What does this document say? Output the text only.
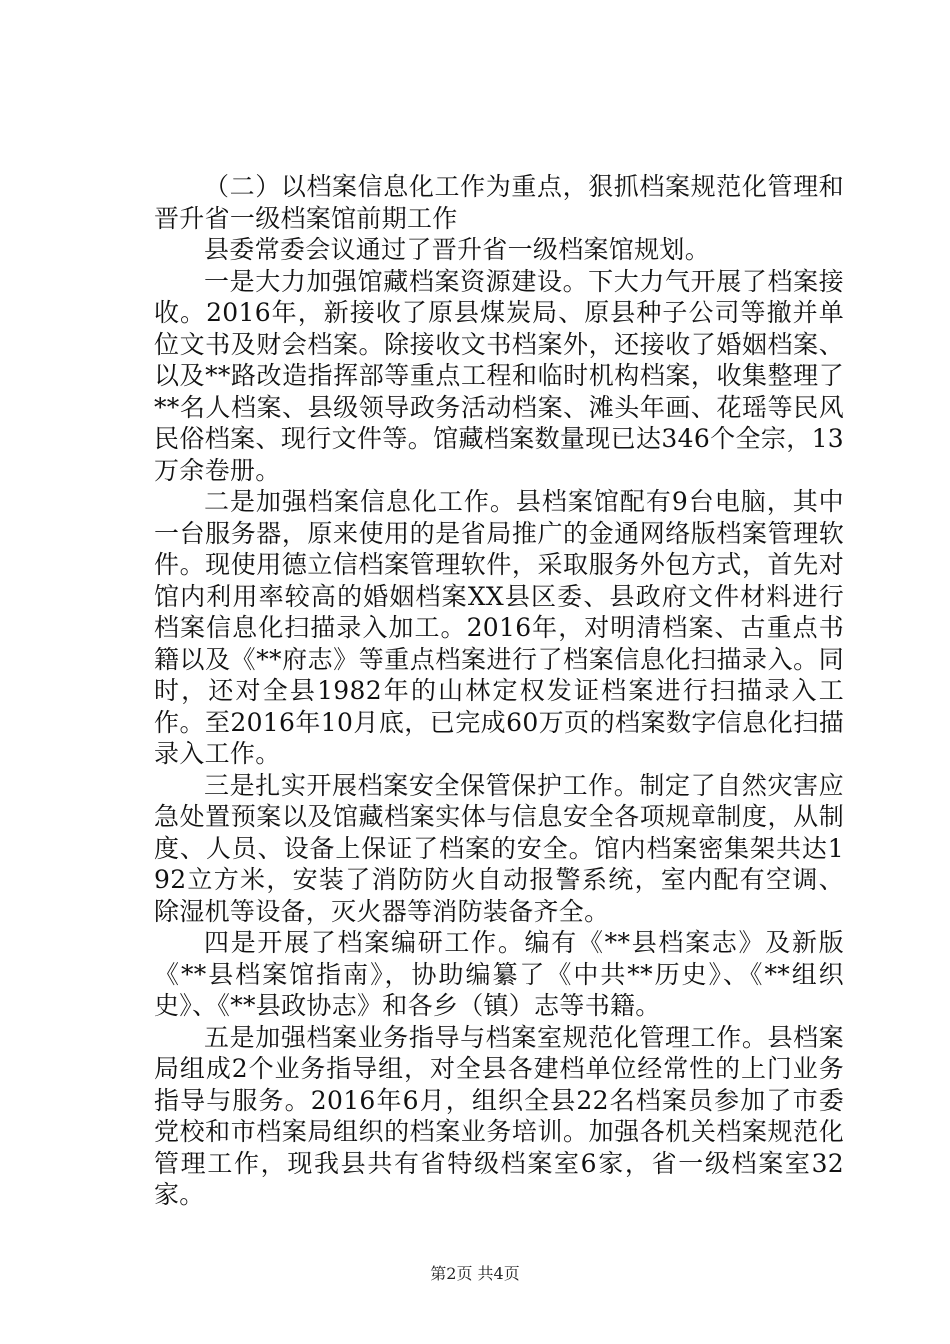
（二）以档案信息化工作为重点，狠抓档案规范化管理和晋升省一级档案馆前期工作

县委常委会议通过了晋升省一级档案馆规划。

一是大力加强馆藏档案资源建设。下大力气开展了档案接收。2016年，新接收了原县煤炭局、原县种子公司等撤并单位文书及财会档案。除接收文书档案外，还接收了婚姻档案、以及**路改造指挥部等重点工程和临时机构档案，收集整理了**名人档案、县级领导政务活动档案、滩头年画、花瑶等民风民俗档案、现行文件等。馆藏档案数量现已达346个全宗，13万余卷册。

二是加强档案信息化工作。县档案馆配有9台电脑，其中一台服务器，原来使用的是省局推广的金通网络版档案管理软件。现使用德立信档案管理软件，采取服务外包方式，首先对馆内利用率较高的婚姻档案XX县区委、县政府文件材料进行档案信息化扫描录入加工。2016年，对明清档案、古重点书籍以及《**府志》等重点档案进行了档案信息化扫描录入。同时，还对全县1982年的山林定权发证档案进行扫描录入工作。至2016年10月底，已完成60万页的档案数字信息化扫描录入工作。

三是扎实开展档案安全保管保护工作。制定了自然灾害应急处置预案以及馆藏档案实体与信息安全各项规章制度，从制度、人员、设备上保证了档案的安全。馆内档案密集架共达192立方米，安装了消防防火自动报警系统，室内配有空调、除湿机等设备，灭火器等消防装备齐全。

四是开展了档案编研工作。编有《**县档案志》及新版《**县档案馆指南》，协助编纂了《中共**历史》、《**组织史》、《**县政协志》和各乡（镇）志等书籍。

五是加强档案业务指导与档案室规范化管理工作。县档案局组成2个业务指导组，对全县各建档单位经常性的上门业务指导与服务。2016年6月，组织全县22名档案员参加了市委党校和市档案局组织的档案业务培训。加强各机关档案规范化管理工作，现我县共有省特级档案室6家，省一级档案室32家。

第2页 共4页
